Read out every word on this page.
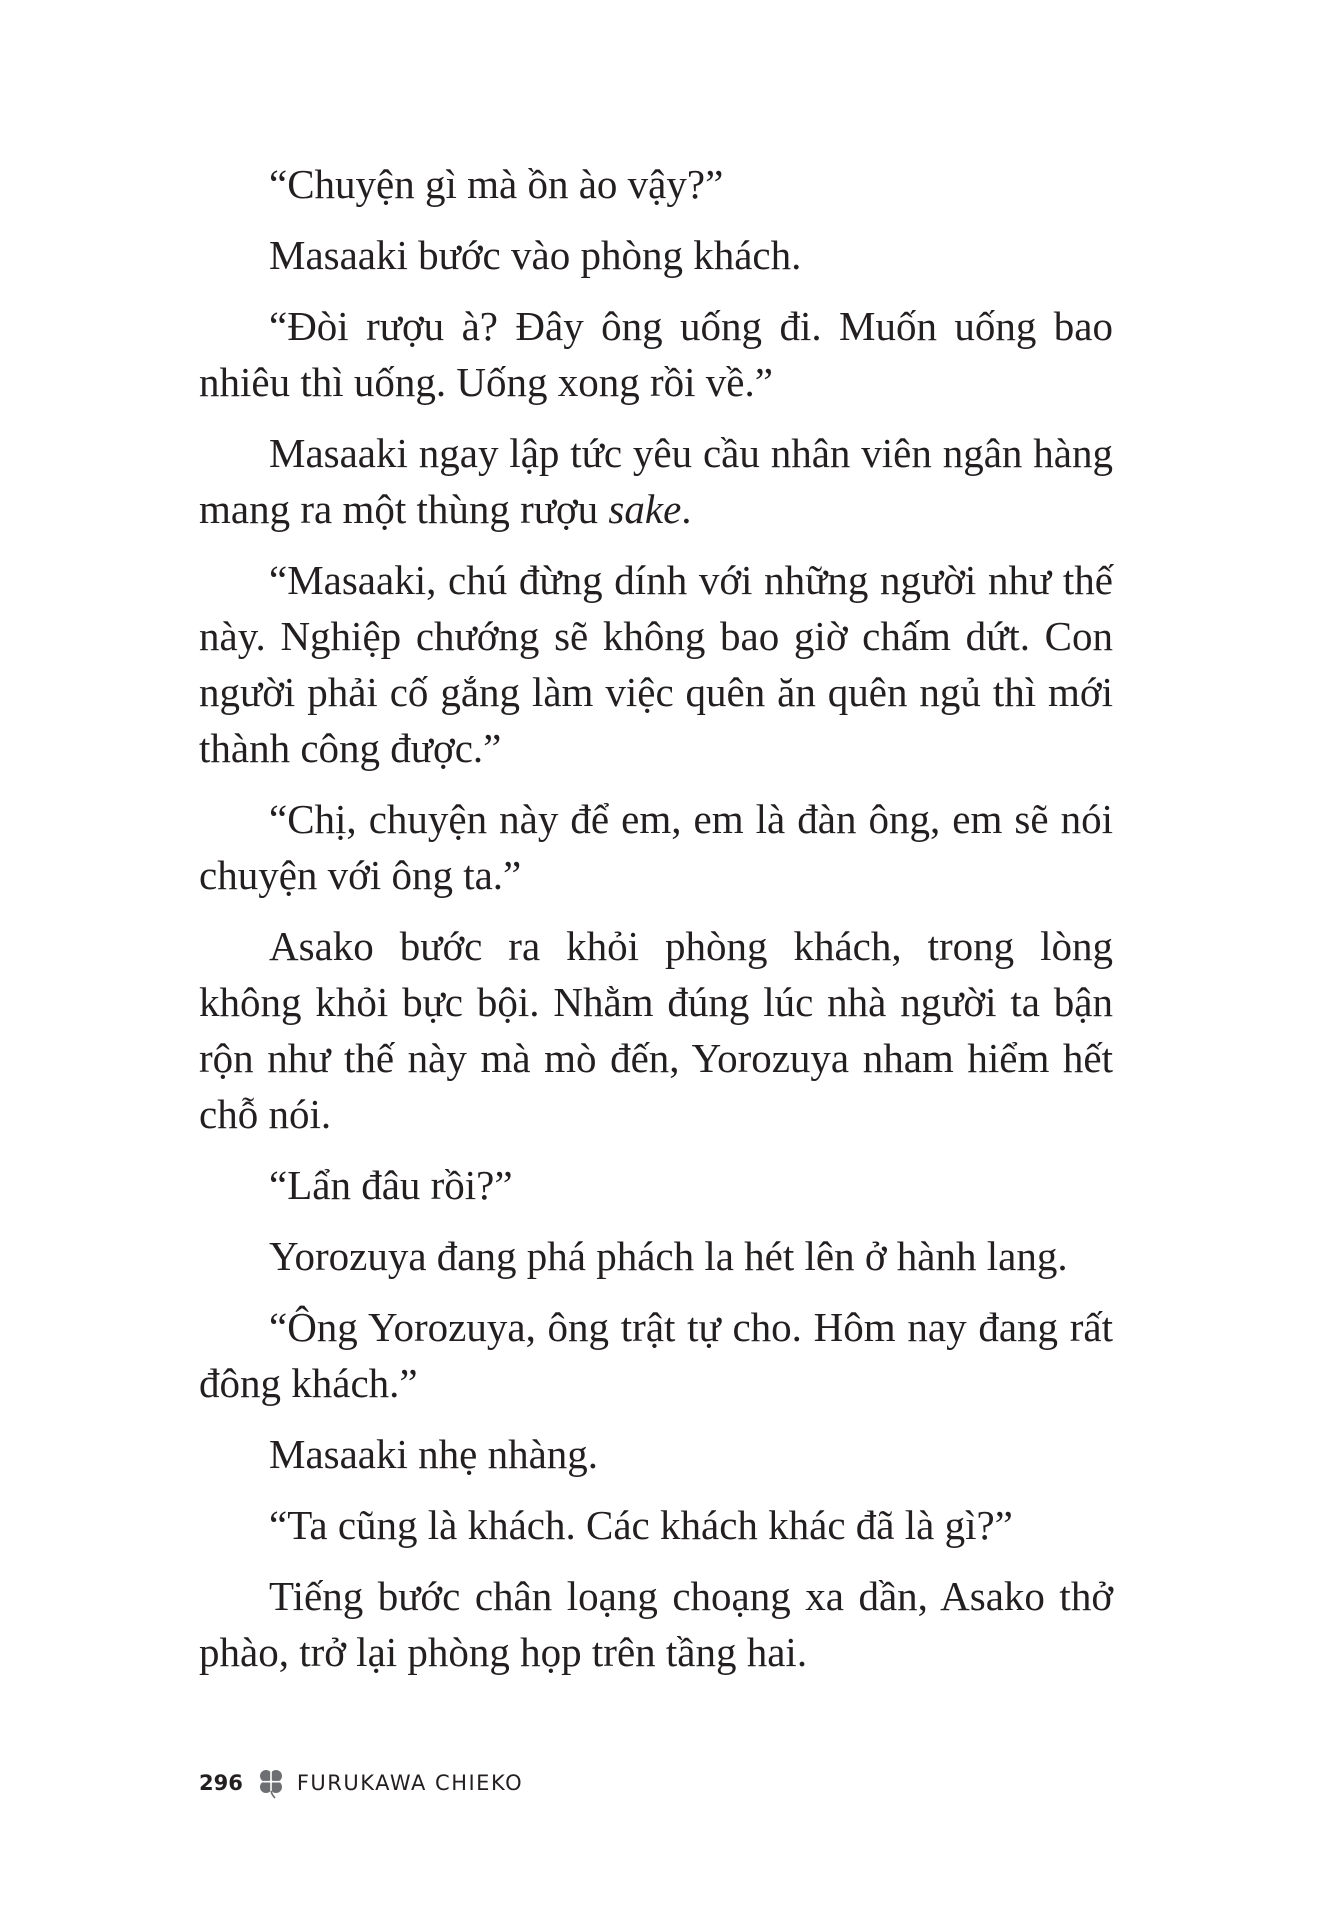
“Chuyện gì mà ồn ào vậy?”

Masaaki bước vào phòng khách.

“Đòi rượu à? Đây ông uống đi. Muốn uống bao nhiêu thì uống. Uống xong rồi về.”

Masaaki ngay lập tức yêu cầu nhân viên ngân hàng mang ra một thùng rượu sake.

“Masaaki, chú đừng dính với những người như thế này. Nghiệp chướng sẽ không bao giờ chấm dứt. Con người phải cố gắng làm việc quên ăn quên ngủ thì mới thành công được.”

“Chị, chuyện này để em, em là đàn ông, em sẽ nói chuyện với ông ta.”

Asako bước ra khỏi phòng khách, trong lòng không khỏi bực bội. Nhằm đúng lúc nhà người ta bận rộn như thế này mà mò đến, Yorozuya nham hiểm hết chỗ nói.

“Lẩn đâu rồi?”

Yorozuya đang phá phách la hét lên ở hành lang.

“Ông Yorozuya, ông trật tự cho. Hôm nay đang rất đông khách.”

Masaaki nhẹ nhàng.

“Ta cũng là khách. Các khách khác đã là gì?”

Tiếng bước chân loạng choạng xa dần, Asako thở phào, trở lại phòng họp trên tầng hai.

296	FURUKAWA CHIEKO
